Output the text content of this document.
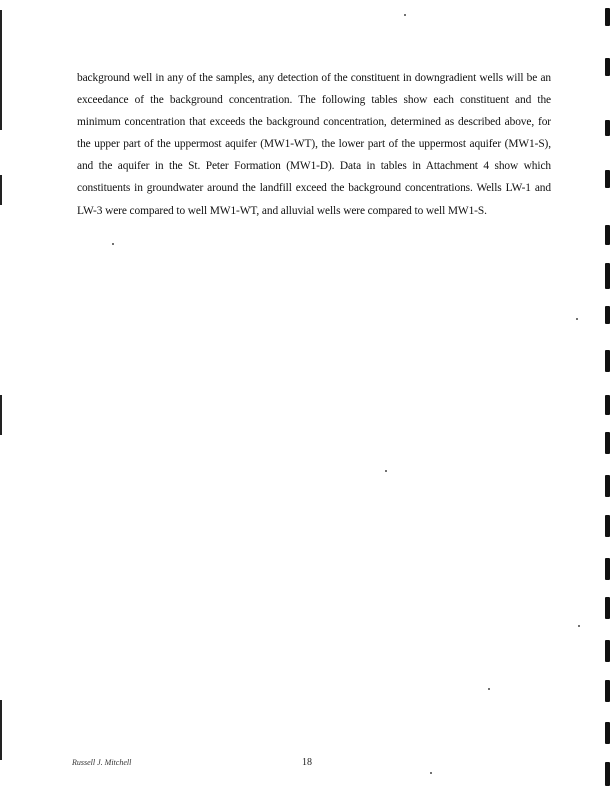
background well in any of the samples, any detection of the constituent in downgradient wells will be an exceedance of the background concentration. The following tables show each constituent and the minimum concentration that exceeds the background concentration, determined as described above, for the upper part of the uppermost aquifer (MW1-WT), the lower part of the uppermost aquifer (MW1-S), and the aquifer in the St. Peter Formation (MW1-D). Data in tables in Attachment 4 show which constituents in groundwater around the landfill exceed the background concentrations. Wells LW-1 and LW-3 were compared to well MW1-WT, and alluvial wells were compared to well MW1-S.

Russell J. Mitchell	18
